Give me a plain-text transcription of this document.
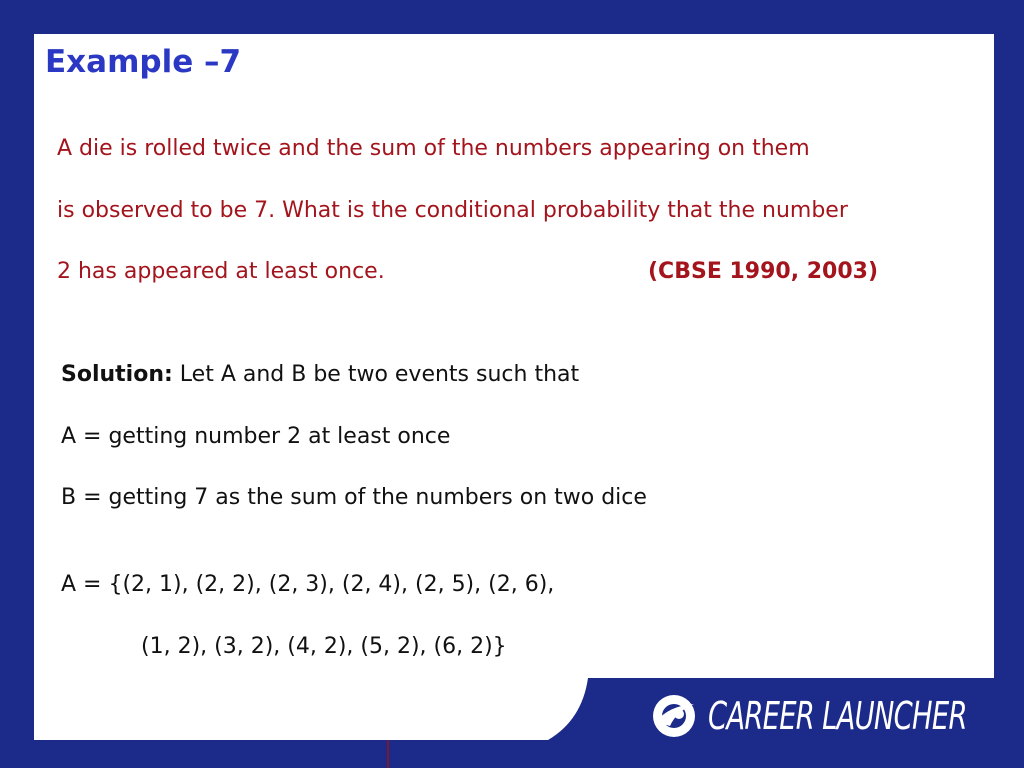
Example –7
A die is rolled twice and the sum of the numbers appearing on them
is observed to be 7. What is the conditional probability that the number
2 has appeared at least once.	(CBSE 1990, 2003)
Solution: Let A and B be two events such that
A = getting number 2 at least once
B = getting 7 as the sum of the numbers on two dice
A = {(2, 1), (2, 2), (2, 3), (2, 4), (2, 5), (2, 6),
(1, 2), (3, 2), (4, 2), (5, 2), (6, 2)}
CAREER LAUNCHER
